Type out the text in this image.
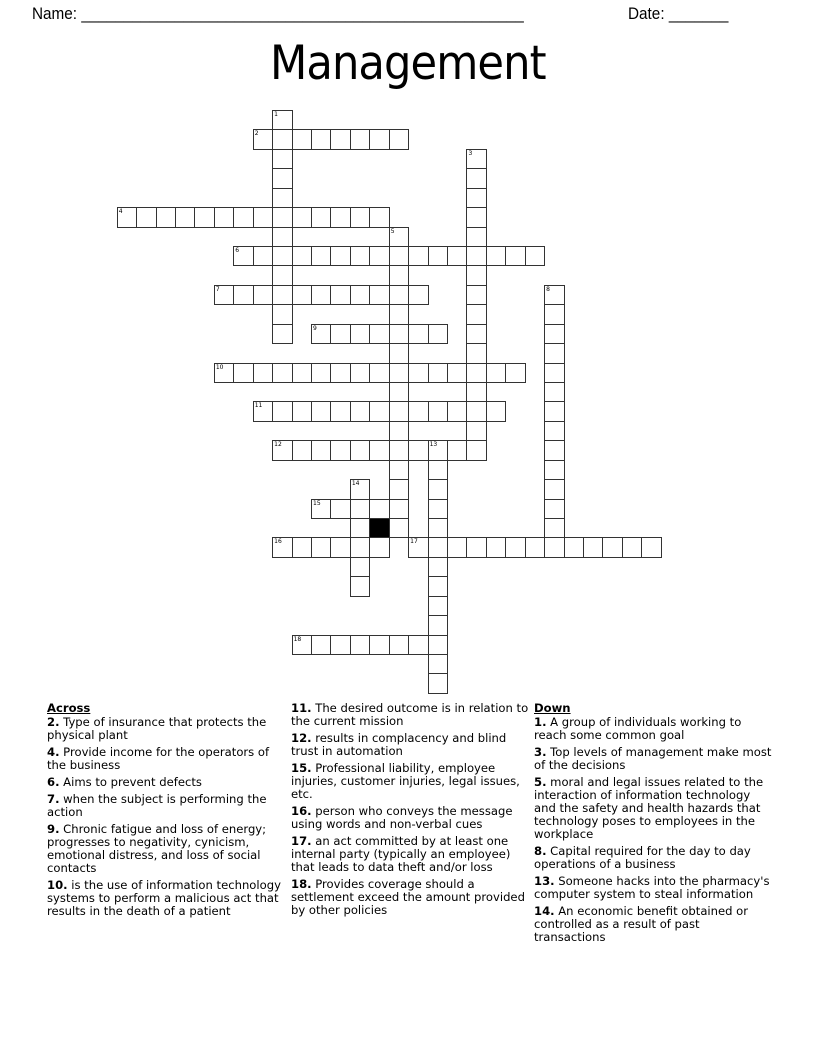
Name: ____________________________________________________	Date: _______
Management
1
2
3
4
5
6
7	8
9
10
11
12	13
14
15
16	17
18
Across
2. Type of insurance that protects the physical plant
4. Provide income for the operators of the business
6. Aims to prevent defects
7. when the subject is performing the action
9. Chronic fatigue and loss of energy; progresses to negativity, cynicism, emotional distress, and loss of social contacts
10. is the use of information technology systems to perform a malicious act that results in the death of a patient
11. The desired outcome is in relation to the current mission
12. results in complacency and blind trust in automation
15. Professional liability, employee injuries, customer injuries, legal issues, etc.
16. person who conveys the message using words and non-verbal cues
17. an act committed by at least one internal party (typically an employee) that leads to data theft and/or loss
18. Provides coverage should a settlement exceed the amount provided by other policies
Down
1. A group of individuals working to reach some common goal
3. Top levels of management make most of the decisions
5. moral and legal issues related to the interaction of information technology and the safety and health hazards that technology poses to employees in the workplace
8. Capital required for the day to day operations of a business
13. Someone hacks into the pharmacy's computer system to steal information
14. An economic benefit obtained or controlled as a result of past transactions
